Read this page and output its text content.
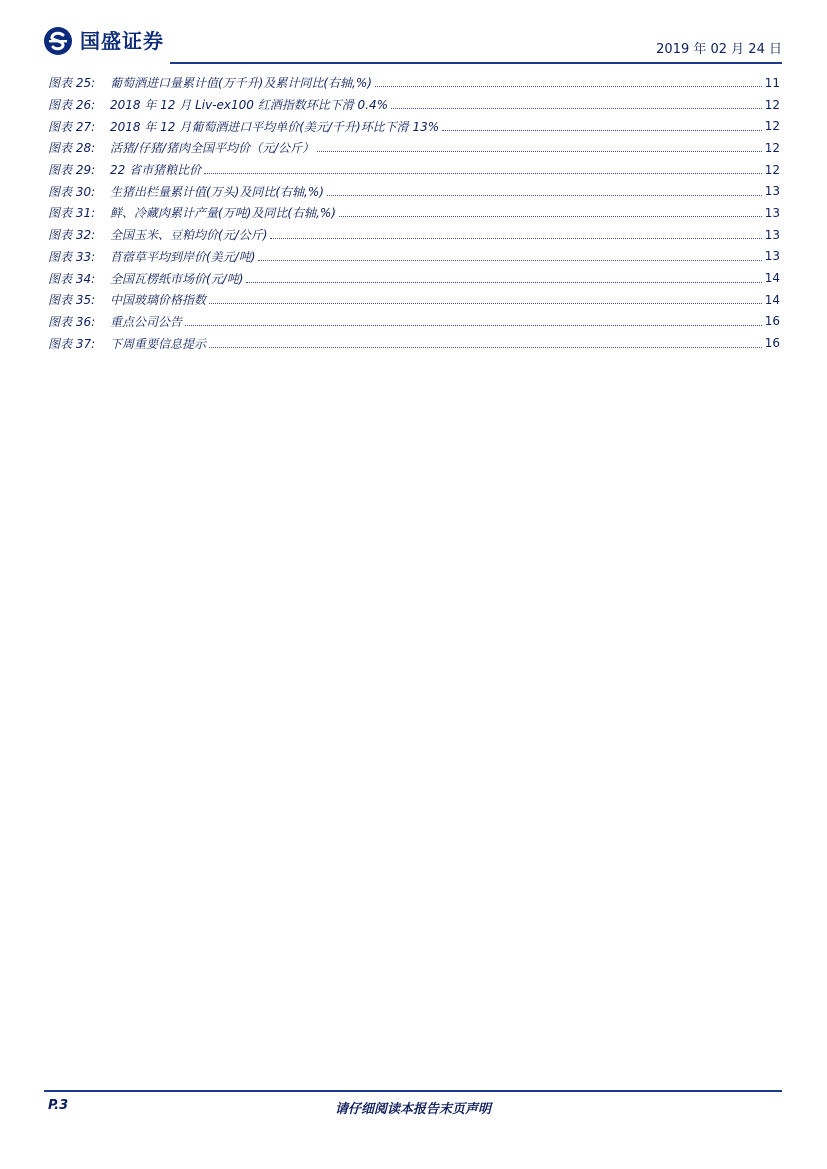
国盛证券	2019 年 02 月 24 日
图表 25:	葡萄酒进口量累计值(万千升)及累计同比(右轴,%)	11
图表 26:	2018 年 12 月 Liv-ex100 红酒指数环比下滑 0.4%	12
图表 27:	2018 年 12 月葡萄酒进口平均单价(美元/千升)环比下滑 13%	12
图表 28:	活猪/仔猪/猪肉全国平均价（元/公斤）	12
图表 29:	22 省市猪粮比价	12
图表 30:	生猪出栏量累计值(万头)及同比(右轴,%)	13
图表 31:	鲜、冷藏肉累计产量(万吨)及同比(右轴,%)	13
图表 32:	全国玉米、豆粕均价(元/公斤)	13
图表 33:	苜蓿草平均到岸价(美元/吨)	13
图表 34:	全国瓦楞纸市场价(元/吨)	14
图表 35:	中国玻璃价格指数	14
图表 36:	重点公司公告	16
图表 37:	下周重要信息提示	16
P.3	请仔细阅读本报告末页声明
